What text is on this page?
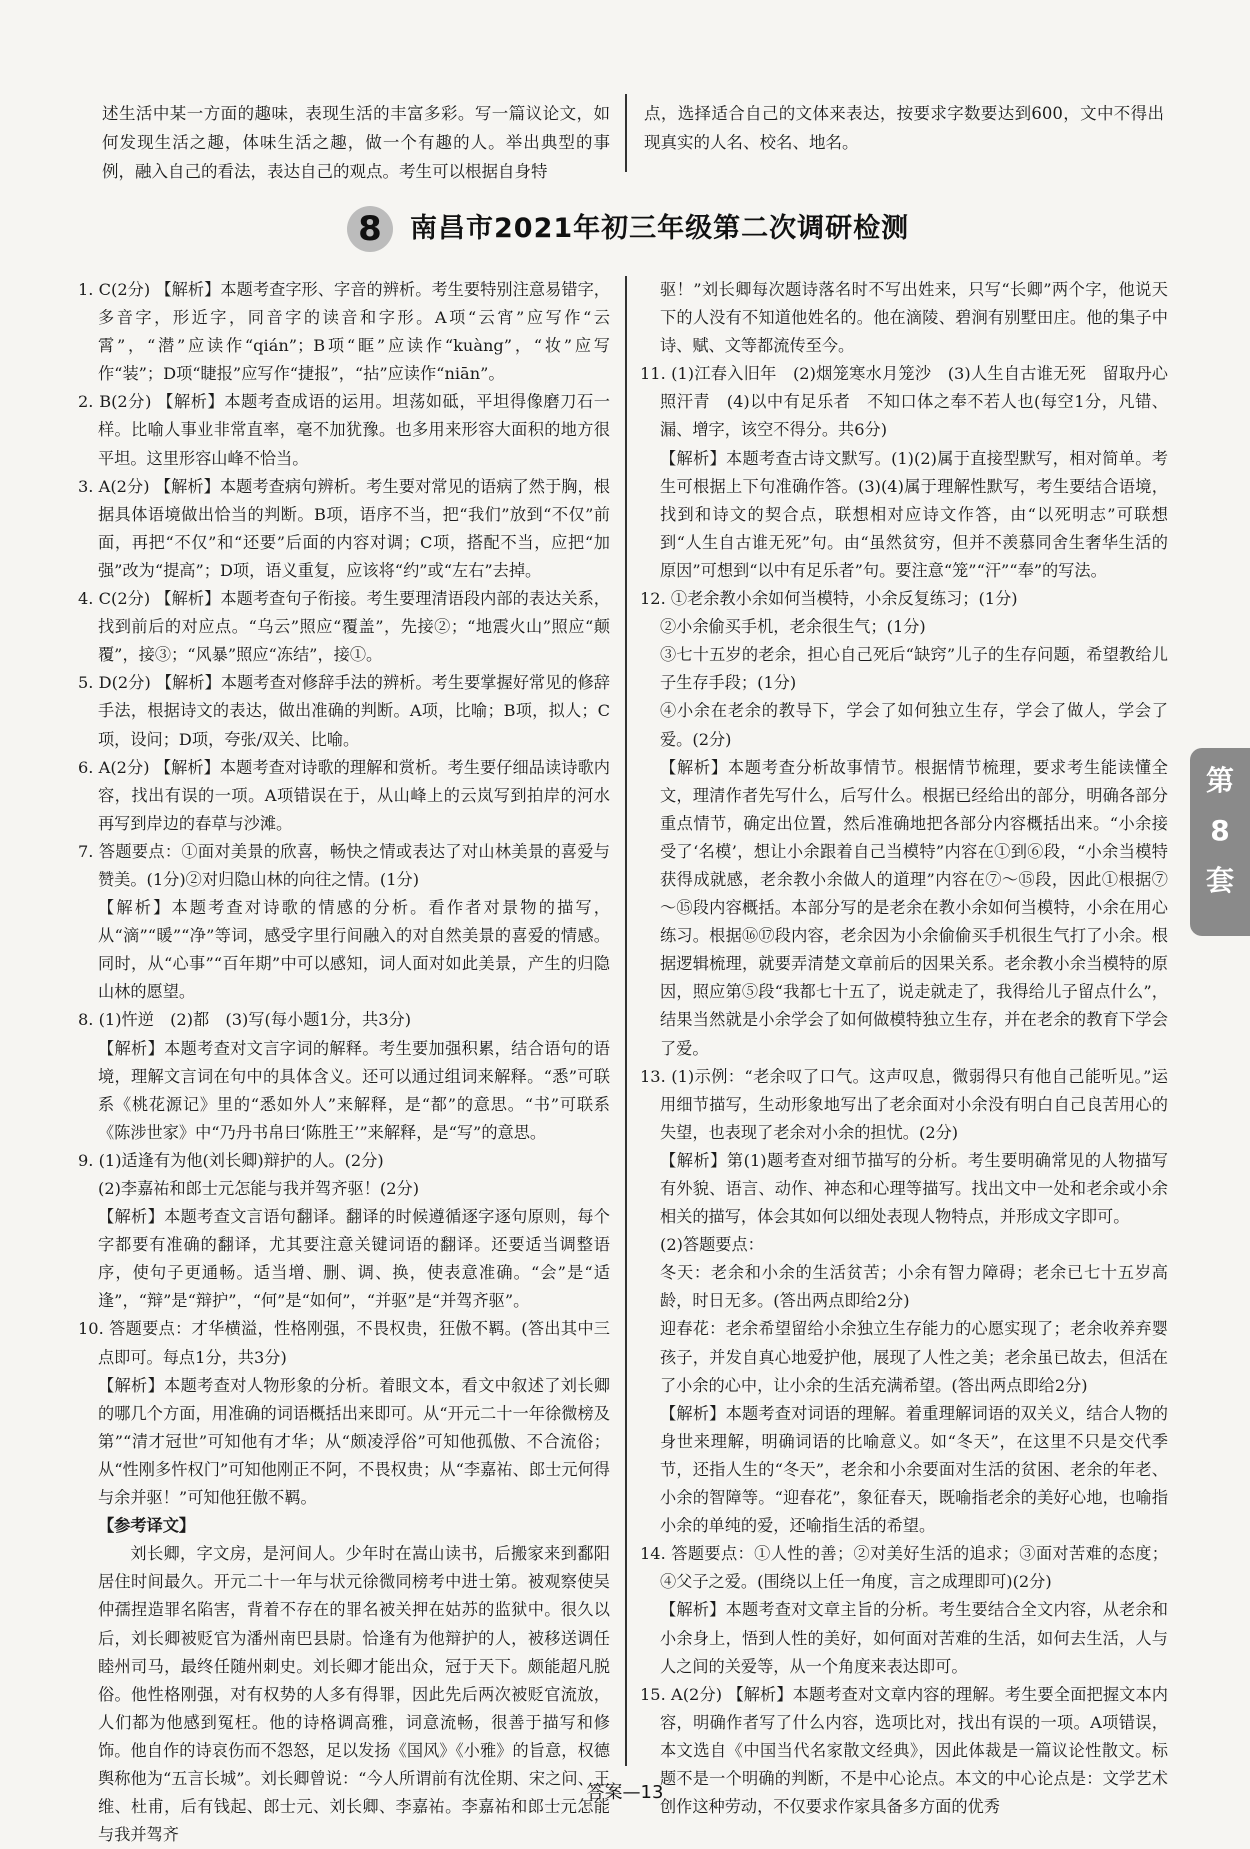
述生活中某一方面的趣味，表现生活的丰富多彩。写一篇议论文，如何发现生活之趣，体味生活之趣，做一个有趣的人。举出典型的事例，融入自己的看法，表达自己的观点。考生可以根据自身特
点，选择适合自己的文体来表达，按要求字数要达到600，文中不得出现真实的人名、校名、地名。
8	南昌市2021年初三年级第二次调研检测

1. C(2分) 【解析】本题考查字形、字音的辨析。考生要特别注意易错字，多音字，形近字，同音字的读音和字形。A项“云宵”应写作“云霄”，“潜”应读作“qián”；B项“眶”应读作“kuàng”，“妆”应写作“装”；D项“睫报”应写作“捷报”，“拈”应读作“niān”。

2. B(2分) 【解析】本题考查成语的运用。坦荡如砥，平坦得像磨刀石一样。比喻人事业非常直率，毫不加犹豫。也多用来形容大面积的地方很平坦。这里形容山峰不恰当。

3. A(2分) 【解析】本题考查病句辨析。考生要对常见的语病了然于胸，根据具体语境做出恰当的判断。B项，语序不当，把“我们”放到“不仅”前面，再把“不仅”和“还要”后面的内容对调；C项，搭配不当，应把“加强”改为“提高”；D项，语义重复，应该将“约”或“左右”去掉。

4. C(2分) 【解析】本题考查句子衔接。考生要理清语段内部的表达关系，找到前后的对应点。“乌云”照应“覆盖”，先接②；“地震火山”照应“颠覆”，接③；“风暴”照应“冻结”，接①。

5. D(2分) 【解析】本题考查对修辞手法的辨析。考生要掌握好常见的修辞手法，根据诗文的表达，做出准确的判断。A项，比喻；B项，拟人；C项，设问；D项，夸张/双关、比喻。

6. A(2分) 【解析】本题考查对诗歌的理解和赏析。考生要仔细品读诗歌内容，找出有误的一项。A项错误在于，从山峰上的云岚写到拍岸的河水再写到岸边的春草与沙滩。

7. 答题要点：①面对美景的欣喜，畅快之情或表达了对山林美景的喜爱与赞美。(1分)②对归隐山林的向往之情。(1分)

【解析】本题考查对诗歌的情感的分析。看作者对景物的描写，从“滴”“暖”“净”等词，感受字里行间融入的对自然美景的喜爱的情感。同时，从“心事”“百年期”中可以感知，词人面对如此美景，产生的归隐山林的愿望。

8. (1)忤逆　(2)都　(3)写(每小题1分，共3分)

【解析】本题考查对文言字词的解释。考生要加强积累，结合语句的语境，理解文言词在句中的具体含义。还可以通过组词来解释。“悉”可联系《桃花源记》里的“悉如外人”来解释，是“都”的意思。“书”可联系《陈涉世家》中“乃丹书帛曰‘陈胜王’”来解释，是“写”的意思。

9. (1)适逢有为他(刘长卿)辩护的人。(2分)

(2)李嘉祐和郎士元怎能与我并驾齐驱！(2分)

【解析】本题考查文言语句翻译。翻译的时候遵循逐字逐句原则，每个字都要有准确的翻译，尤其要注意关键词语的翻译。还要适当调整语序，使句子更通畅。适当增、删、调、换，使表意准确。“会”是“适逢”，“辩”是“辩护”，“何”是“如何”，“并驱”是“并驾齐驱”。

10. 答题要点：才华横溢，性格刚强，不畏权贵，狂傲不羁。(答出其中三点即可。每点1分，共3分)

【解析】本题考查对人物形象的分析。着眼文本，看文中叙述了刘长卿的哪几个方面，用准确的词语概括出来即可。从“开元二十一年徐微榜及第”“清才冠世”可知他有才华；从“颇凌浮俗”可知他孤傲、不合流俗；从“性刚多忤权门”可知他刚正不阿，不畏权贵；从“李嘉祐、郎士元何得与余并驱！”可知他狂傲不羁。

【参考译文】

刘长卿，字文房，是河间人。少年时在嵩山读书，后搬家来到鄱阳居住时间最久。开元二十一年与状元徐微同榜考中进士第。被观察使吴仲孺捏造罪名陷害，背着不存在的罪名被关押在姑苏的监狱中。很久以后，刘长卿被贬官为潘州南巴县尉。恰逢有为他辩护的人，被移送调任睦州司马，最终任随州刺史。刘长卿才能出众，冠于天下。颇能超凡脱俗。他性格刚强，对有权势的人多有得罪，因此先后两次被贬官流放，人们都为他感到冤枉。他的诗格调高雅，词意流畅，很善于描写和修饰。他自作的诗哀伤而不怨怒，足以发扬《国风》《小雅》的旨意，权德舆称他为“五言长城”。刘长卿曾说：“今人所谓前有沈佺期、宋之问、王维、杜甫，后有钱起、郎士元、刘长卿、李嘉祐。李嘉祐和郎士元怎能与我并驾齐

驱！”刘长卿每次题诗落名时不写出姓来，只写“长卿”两个字，他说天下的人没有不知道他姓名的。他在滴陵、碧涧有别墅田庄。他的集子中诗、赋、文等都流传至今。

11. (1)江春入旧年　(2)烟笼寒水月笼沙　(3)人生自古谁无死　留取丹心照汗青　(4)以中有足乐者　不知口体之奉不若人也(每空1分，凡错、漏、增字，该空不得分。共6分)

【解析】本题考查古诗文默写。(1)(2)属于直接型默写，相对简单。考生可根据上下句准确作答。(3)(4)属于理解性默写，考生要结合语境，找到和诗文的契合点，联想相对应诗文作答，由“以死明志”可联想到“人生自古谁无死”句。由“虽然贫穷，但并不羡慕同舍生奢华生活的原因”可想到“以中有足乐者”句。要注意“笼”“汗”“奉”的写法。

12. ①老余教小余如何当模特，小余反复练习；(1分)

②小余偷买手机，老余很生气；(1分)

③七十五岁的老余，担心自己死后“缺窍”儿子的生存问题，希望教给儿子生存手段；(1分)

④小余在老余的教导下，学会了如何独立生存，学会了做人，学会了爱。(2分)

【解析】本题考查分析故事情节。根据情节梳理，要求考生能读懂全文，理清作者先写什么，后写什么。根据已经给出的部分，明确各部分重点情节，确定出位置，然后准确地把各部分内容概括出来。“小余接受了‘名模’，想让小余跟着自己当模特”内容在①到⑥段，“小余当模特获得成就感，老余教小余做人的道理”内容在⑦～⑮段，因此①根据⑦～⑮段内容概括。本部分写的是老余在教小余如何当模特，小余在用心练习。根据⑯⑰段内容，老余因为小余偷偷买手机很生气打了小余。根据逻辑梳理，就要弄清楚文章前后的因果关系。老余教小余当模特的原因，照应第⑤段“我都七十五了，说走就走了，我得给儿子留点什么”，结果当然就是小余学会了如何做模特独立生存，并在老余的教育下学会了爱。

13. (1)示例：“老余叹了口气。这声叹息，微弱得只有他自己能听见。”运用细节描写，生动形象地写出了老余面对小余没有明白自己良苦用心的失望，也表现了老余对小余的担忧。(2分)

【解析】第(1)题考查对细节描写的分析。考生要明确常见的人物描写有外貌、语言、动作、神态和心理等描写。找出文中一处和老余或小余相关的描写，体会其如何以细处表现人物特点，并形成文字即可。

(2)答题要点：

冬天：老余和小余的生活贫苦；小余有智力障碍；老余已七十五岁高龄，时日无多。(答出两点即给2分)

迎春花：老余希望留给小余独立生存能力的心愿实现了；老余收养弃婴孩子，并发自真心地爱护他，展现了人性之美；老余虽已故去，但活在了小余的心中，让小余的生活充满希望。(答出两点即给2分)

【解析】本题考查对词语的理解。着重理解词语的双关义，结合人物的身世来理解，明确词语的比喻意义。如“冬天”，在这里不只是交代季节，还指人生的“冬天”，老余和小余要面对生活的贫困、老余的年老、小余的智障等。“迎春花”，象征春天，既喻指老余的美好心地，也喻指小余的单纯的爱，还喻指生活的希望。

14. 答题要点：①人性的善；②对美好生活的追求；③面对苦难的态度；④父子之爱。(围绕以上任一角度，言之成理即可)(2分)

【解析】本题考查对文章主旨的分析。考生要结合全文内容，从老余和小余身上，悟到人性的美好，如何面对苦难的生活，如何去生活，人与人之间的关爱等，从一个角度来表达即可。

15. A(2分) 【解析】本题考查对文章内容的理解。考生要全面把握文本内容，明确作者写了什么内容，选项比对，找出有误的一项。A项错误，本文选自《中国当代名家散文经典》，因此体裁是一篇议论性散文。标题不是一个明确的判断，不是中心论点。本文的中心论点是：文学艺术创作这种劳动，不仅要求作家具备多方面的优秀

第
8
套
答案—13
